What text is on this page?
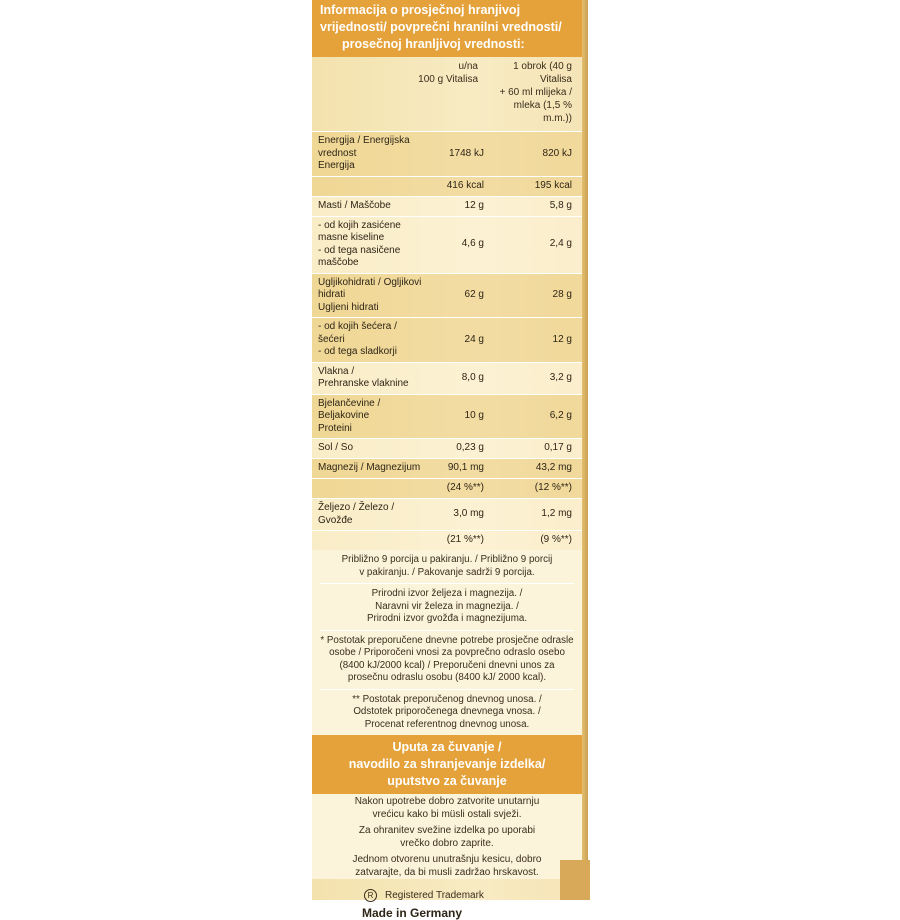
Informacija o prosječnoj hranjivoj
vrijednosti/ povprečni hranilni vrednosti/
prosečnoj hranljivoj vrednosti:
u/na
100 g Vitalisa
1 obrok (40 g Vitalisa
+ 60 ml mlijeka /
mleka (1,5 % m.m.))
Energija / Energijska vrednost
Energija
1748 kJ	820 kJ
416 kcal	195 kcal
Masti / Maščobe	12 g	5,8 g
- od kojih zasićene
masne kiseline
- od tega nasičene
maščobe
4,6 g	2,4 g
Ugljikohidrati / Ogljikovi hidrati
Ugljeni hidrati
62 g	28 g
- od kojih šećera / šećeri
- od tega sladkorji
24 g	12 g
Vlakna /
Prehranske vlaknine
8,0 g	3,2 g
Bjelančevine / Beljakovine
Proteini
10 g	6,2 g
Sol / So	0,23 g	0,17 g
Magnezij / Magnezijum	90,1 mg	43,2 mg
(24 %**)	(12 %**)
Željezo / Železo / Gvožđe
3,0 mg	1,2 mg
(21 %**)	(9 %**)

Približno 9 porcija u pakiranju. / Približno 9 porcij
v pakiranju. / Pakovanje sadrži 9 porcija.

Prirodni izvor željeza i magnezija. /
Naravni vir železa in magnezija. /
Prirodni izvor gvožđa i magnezijuma.

* Postotak preporučene dnevne potrebe prosječne odrasle
osobe / Priporočeni vnosi za povprečno odraslo osebo
(8400 kJ/2000 kcal) / Preporučeni dnevni unos za
prosečnu odraslu osobu (8400 kJ/ 2000 kcal).

** Postotak preporučenog dnevnog unosa. /
Odstotek priporočenega dnevnega vnosa. /
Procenat referentnog dnevnog unosa.

Uputa za čuvanje /
navodilo za shranjevanje izdelka/
uputstvo za čuvanje

Nakon upotrebe dobro zatvorite unutarnju
vrećicu kako bi müsli ostali svježi.

Za ohranitev svežine izdelka po uporabi
vrečko dobro zaprite.

Jednom otvorenu unutrašnju kesicu, dobro
zatvarajte, da bi musli zadržao hrskavost.

R	Registered Trademark
Made in Germany
